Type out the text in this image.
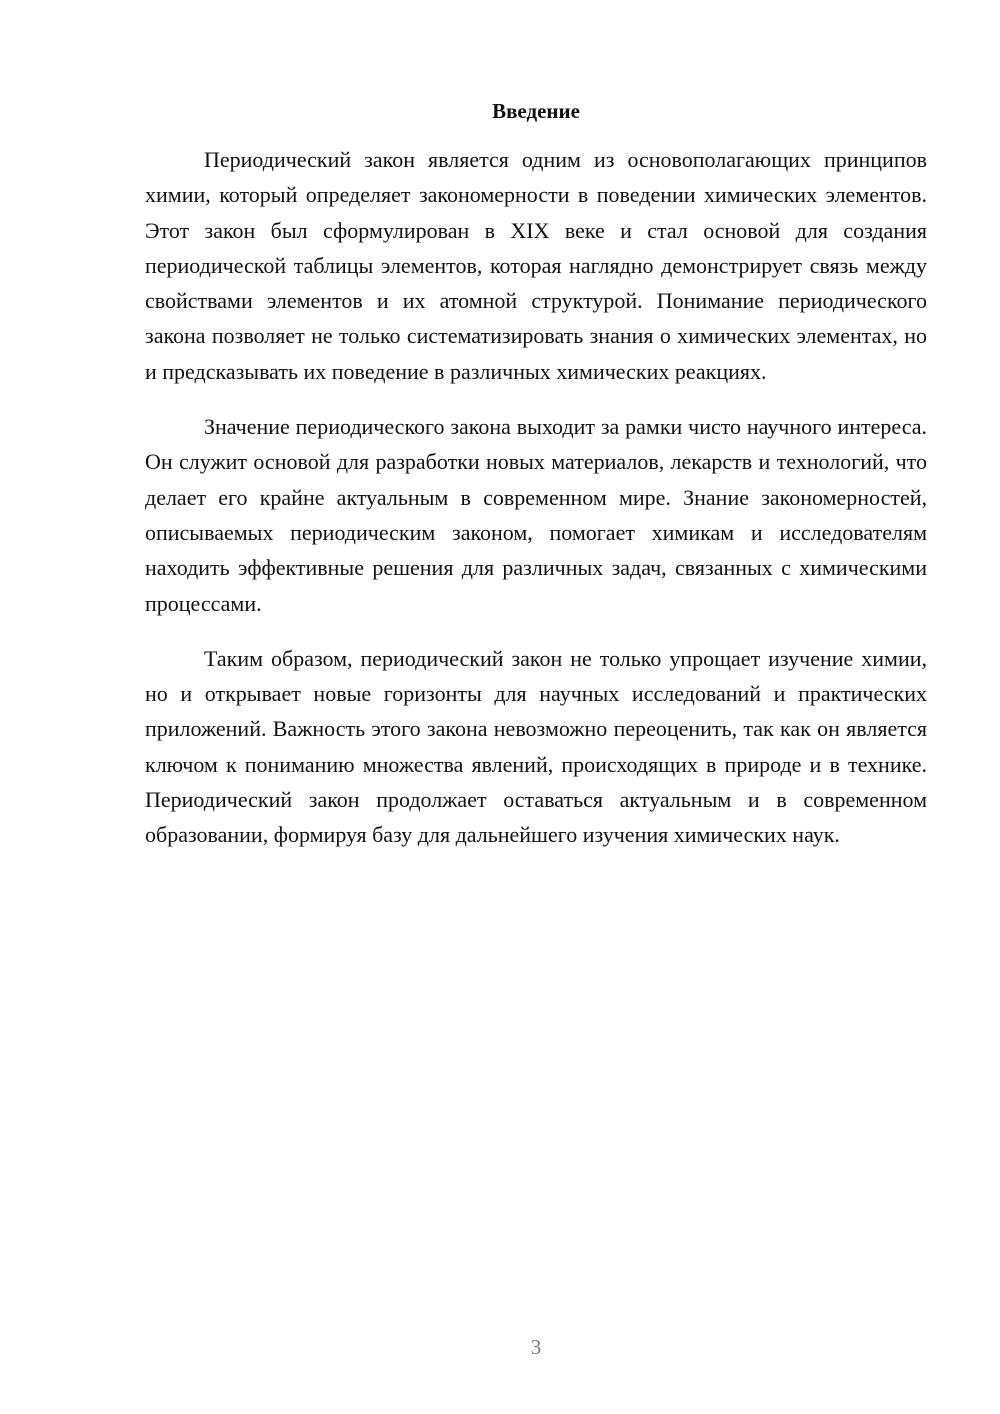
Введение

Периодический закон является одним из основополагающих принципов химии, который определяет закономерности в поведении химических элементов. Этот закон был сформулирован в XIX веке и стал основой для создания периодической таблицы элементов, которая наглядно демонстрирует связь между свойствами элементов и их атомной структурой. Понимание периодического закона позволяет не только систематизировать знания о химических элементах, но и предсказывать их поведение в различных химических реакциях.

Значение периодического закона выходит за рамки чисто научного интереса. Он служит основой для разработки новых материалов, лекарств и технологий, что делает его крайне актуальным в современном мире. Знание закономерностей, описываемых периодическим законом, помогает химикам и исследователям находить эффективные решения для различных задач, связанных с химическими процессами.

Таким образом, периодический закон не только упрощает изучение химии, но и открывает новые горизонты для научных исследований и практических приложений. Важность этого закона невозможно переоценить, так как он является ключом к пониманию множества явлений, происходящих в природе и в технике. Периодический закон продолжает оставаться актуальным и в современном образовании, формируя базу для дальнейшего изучения химических наук.

3
